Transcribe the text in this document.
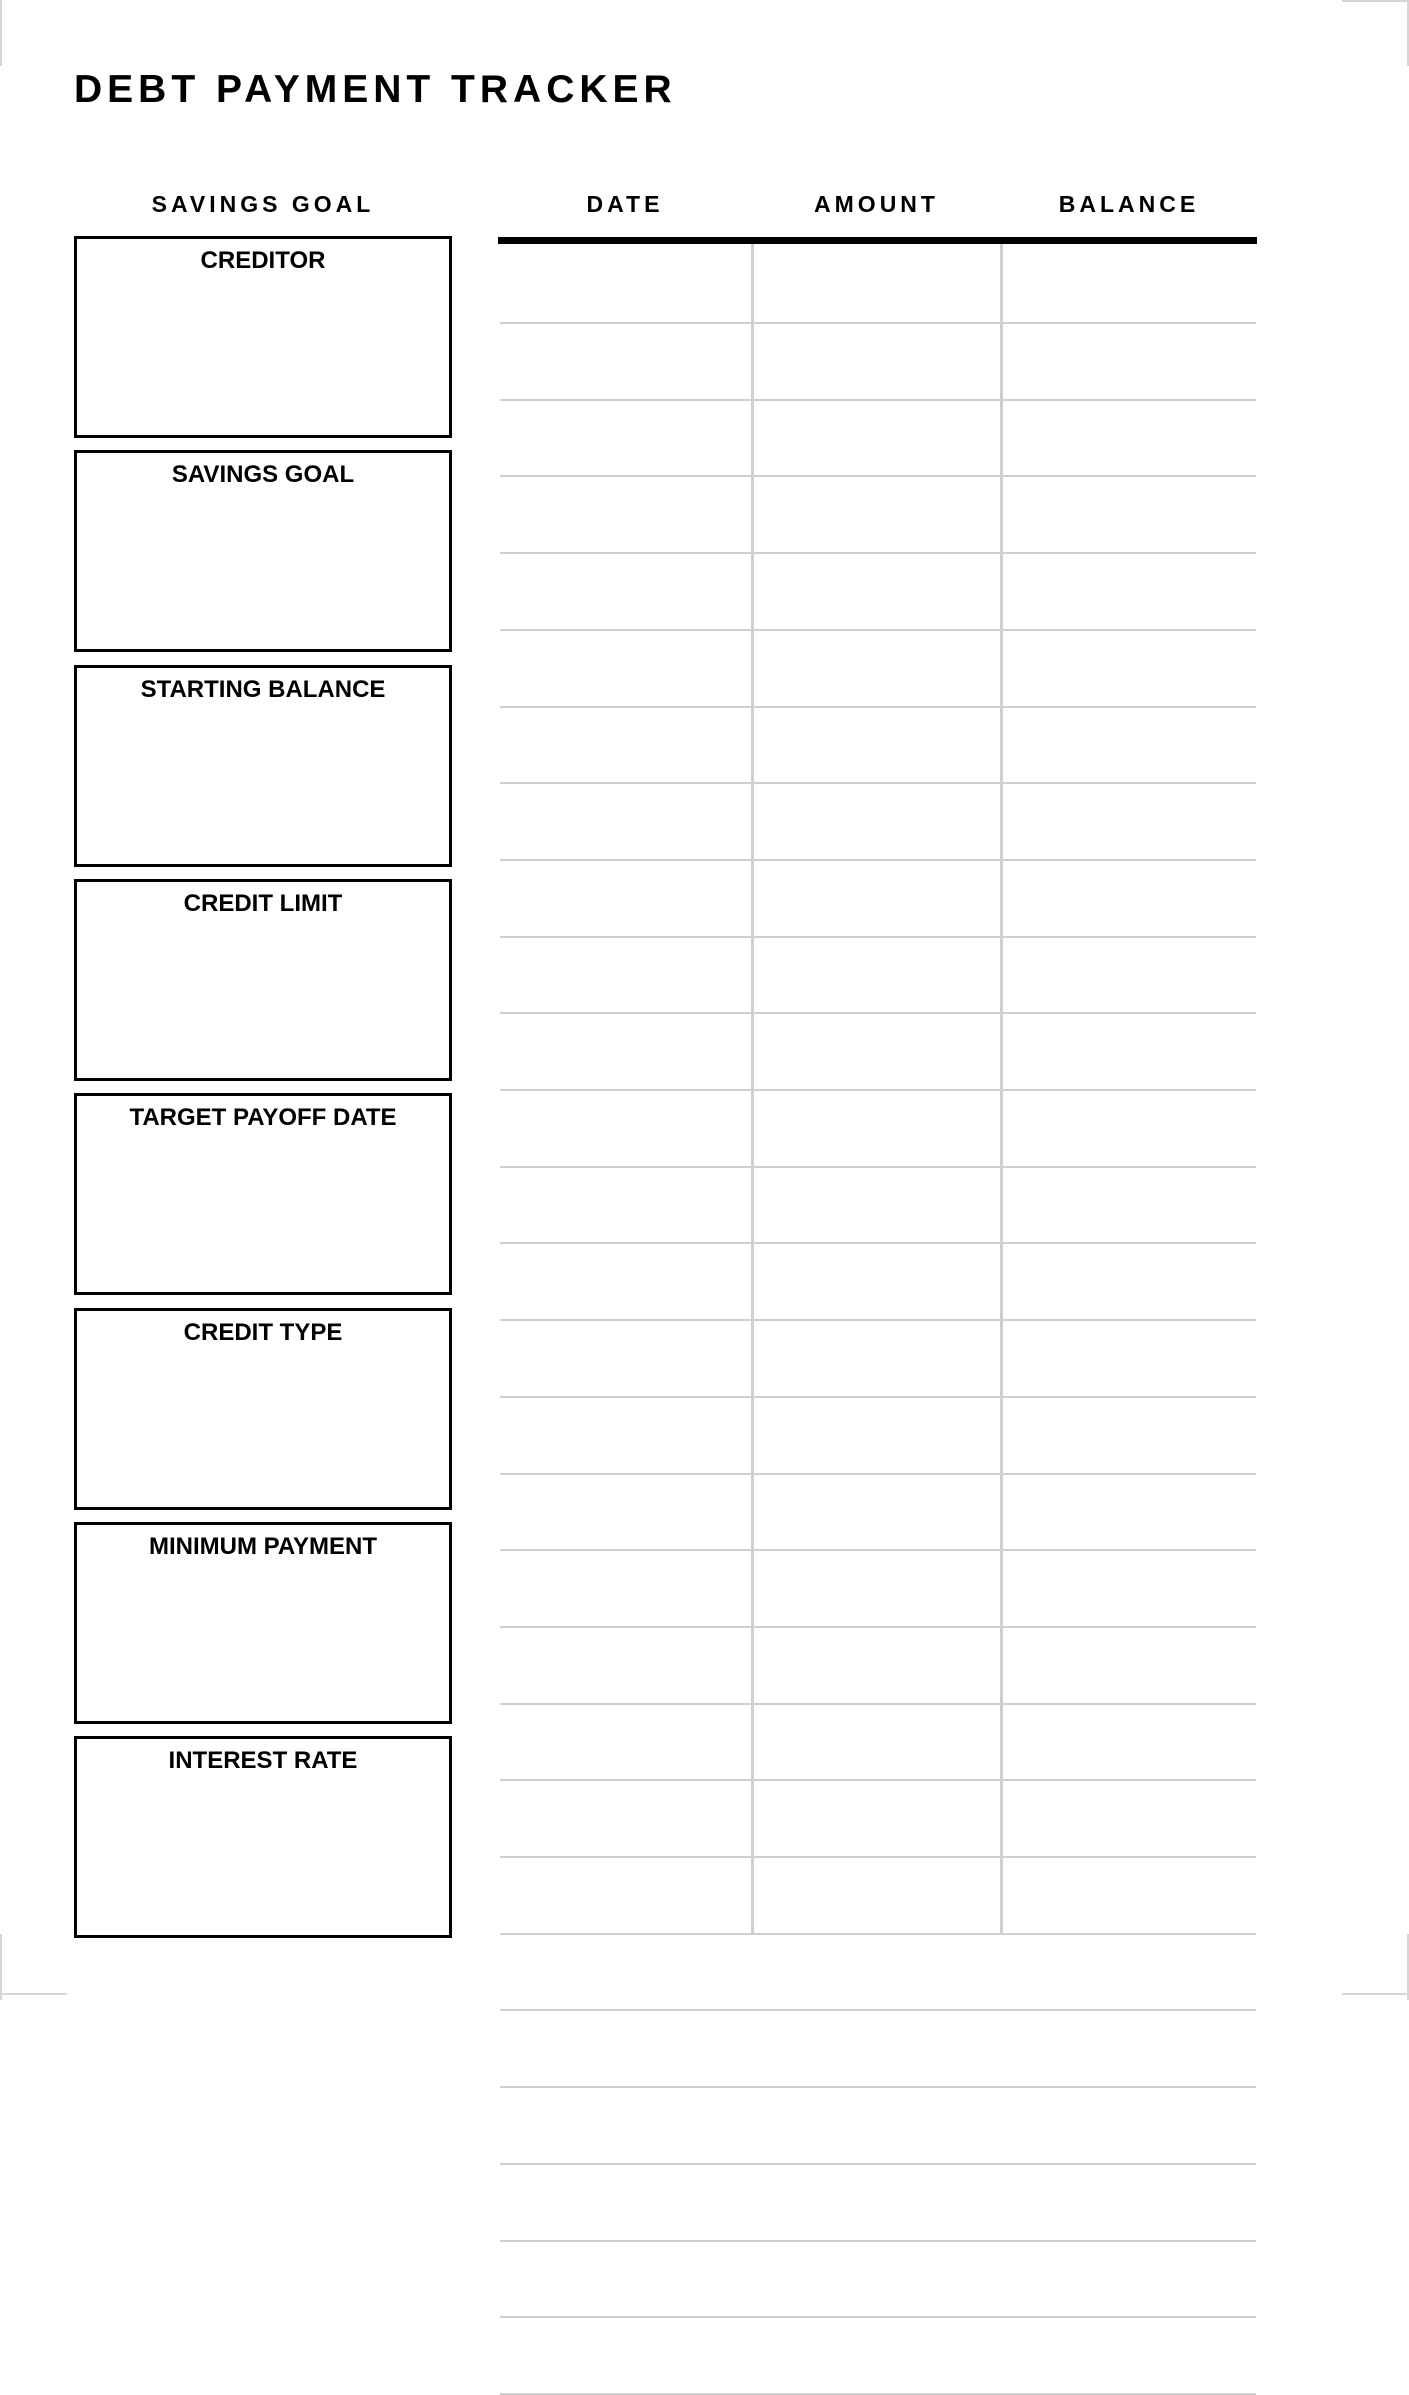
DEBT PAYMENT TRACKER
SAVINGS GOAL
CREDITOR
SAVINGS GOAL
STARTING BALANCE
CREDIT LIMIT
TARGET PAYOFF DATE
CREDIT TYPE
MINIMUM PAYMENT
INTEREST RATE
DATE	AMOUNT	BALANCE
